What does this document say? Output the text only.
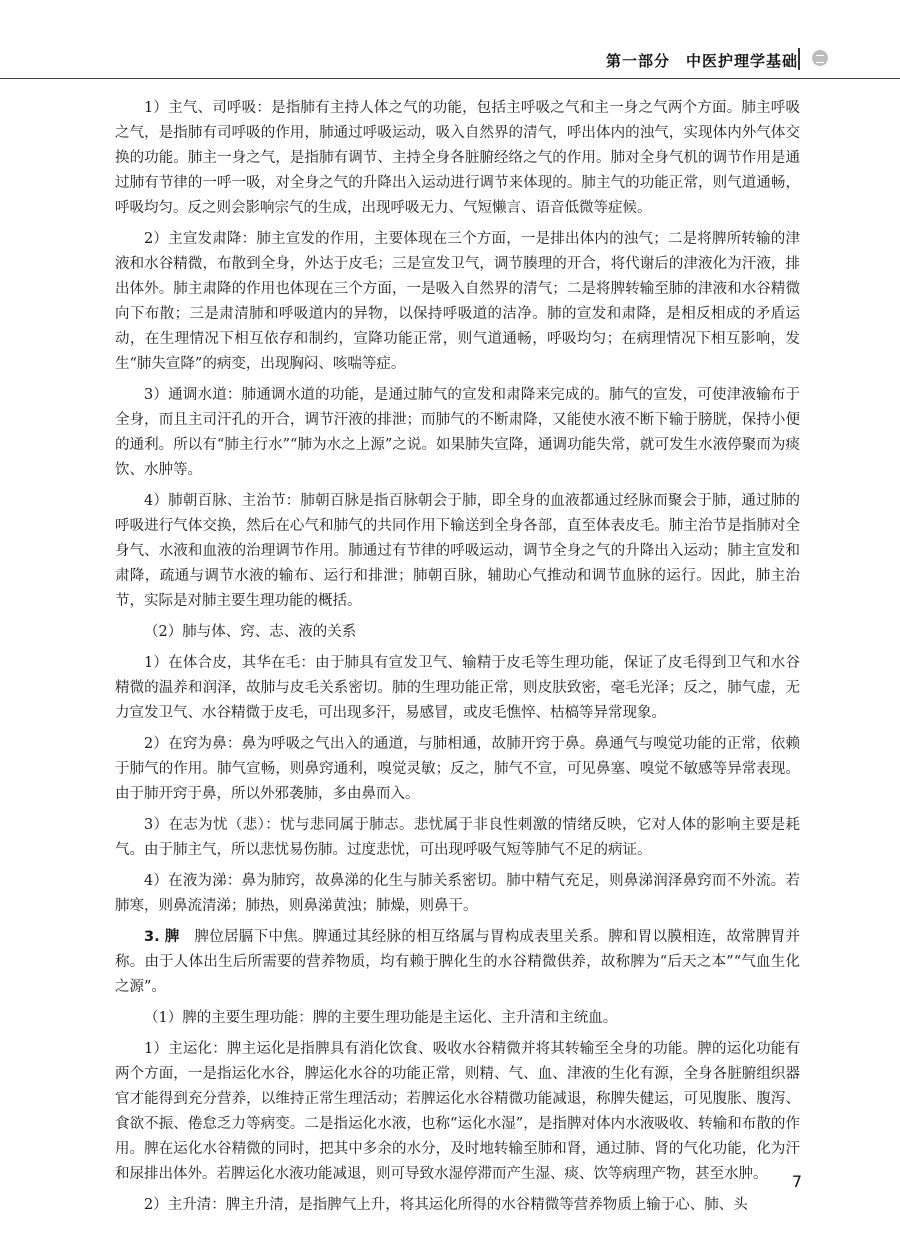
第一部分　中医护理学基础

1）主气、司呼吸：是指肺有主持人体之气的功能，包括主呼吸之气和主一身之气两个方面。肺主呼吸之气，是指肺有司呼吸的作用，肺通过呼吸运动，吸入自然界的清气，呼出体内的浊气，实现体内外气体交换的功能。肺主一身之气，是指肺有调节、主持全身各脏腑经络之气的作用。肺对全身气机的调节作用是通过肺有节律的一呼一吸，对全身之气的升降出入运动进行调节来体现的。肺主气的功能正常，则气道通畅，呼吸均匀。反之则会影响宗气的生成，出现呼吸无力、气短懒言、语音低微等症候。

2）主宣发肃降：肺主宣发的作用，主要体现在三个方面，一是排出体内的浊气；二是将脾所转输的津液和水谷精微，布散到全身，外达于皮毛；三是宣发卫气，调节腠理的开合，将代谢后的津液化为汗液，排出体外。肺主肃降的作用也体现在三个方面，一是吸入自然界的清气；二是将脾转输至肺的津液和水谷精微向下布散；三是肃清肺和呼吸道内的异物，以保持呼吸道的洁净。肺的宣发和肃降，是相反相成的矛盾运动，在生理情况下相互依存和制约，宣降功能正常，则气道通畅，呼吸均匀；在病理情况下相互影响，发生“肺失宣降”的病变，出现胸闷、咳喘等症。

3）通调水道：肺通调水道的功能，是通过肺气的宣发和肃降来完成的。肺气的宣发，可使津液输布于全身，而且主司汗孔的开合，调节汗液的排泄；而肺气的不断肃降，又能使水液不断下输于膀胱，保持小便的通利。所以有“肺主行水”“肺为水之上源”之说。如果肺失宣降，通调功能失常，就可发生水液停聚而为痰饮、水肿等。

4）肺朝百脉、主治节：肺朝百脉是指百脉朝会于肺，即全身的血液都通过经脉而聚会于肺，通过肺的呼吸进行气体交换，然后在心气和肺气的共同作用下输送到全身各部，直至体表皮毛。肺主治节是指肺对全身气、水液和血液的治理调节作用。肺通过有节律的呼吸运动，调节全身之气的升降出入运动；肺主宣发和肃降，疏通与调节水液的输布、运行和排泄；肺朝百脉，辅助心气推动和调节血脉的运行。因此，肺主治节，实际是对肺主要生理功能的概括。

（2）肺与体、窍、志、液的关系

1）在体合皮，其华在毛：由于肺具有宣发卫气、输精于皮毛等生理功能，保证了皮毛得到卫气和水谷精微的温养和润泽，故肺与皮毛关系密切。肺的生理功能正常，则皮肤致密，毫毛光泽；反之，肺气虚，无力宣发卫气、水谷精微于皮毛，可出现多汗，易感冒，或皮毛憔悴、枯槁等异常现象。

2）在窍为鼻：鼻为呼吸之气出入的通道，与肺相通，故肺开窍于鼻。鼻通气与嗅觉功能的正常，依赖于肺气的作用。肺气宣畅，则鼻窍通利，嗅觉灵敏；反之，肺气不宣，可见鼻塞、嗅觉不敏感等异常表现。由于肺开窍于鼻，所以外邪袭肺，多由鼻而入。

3）在志为忧（悲）：忧与悲同属于肺志。悲忧属于非良性刺激的情绪反映，它对人体的影响主要是耗气。由于肺主气，所以悲忧易伤肺。过度悲忧，可出现呼吸气短等肺气不足的病证。

4）在液为涕：鼻为肺窍，故鼻涕的化生与肺关系密切。肺中精气充足，则鼻涕润泽鼻窍而不外流。若肺寒，则鼻流清涕；肺热，则鼻涕黄浊；肺燥，则鼻干。

3. 脾　 脾位居膈下中焦。脾通过其经脉的相互络属与胃构成表里关系。脾和胃以膜相连，故常脾胃并称。由于人体出生后所需要的营养物质，均有赖于脾化生的水谷精微供养，故称脾为“后天之本”“气血生化之源”。

（1）脾的主要生理功能：脾的主要生理功能是主运化、主升清和主统血。

1）主运化：脾主运化是指脾具有消化饮食、吸收水谷精微并将其转输至全身的功能。脾的运化功能有两个方面，一是指运化水谷，脾运化水谷的功能正常，则精、气、血、津液的生化有源，全身各脏腑组织器官才能得到充分营养，以维持正常生理活动；若脾运化水谷精微功能减退，称脾失健运，可见腹胀、腹泻、食欲不振、倦怠乏力等病变。二是指运化水液，也称“运化水湿”，是指脾对体内水液吸收、转输和布散的作用。脾在运化水谷精微的同时，把其中多余的水分，及时地转输至肺和肾，通过肺、肾的气化功能，化为汗和尿排出体外。若脾运化水液功能减退，则可导致水湿停滞而产生湿、痰、饮等病理产物，甚至水肿。

2）主升清：脾主升清，是指脾气上升，将其运化所得的水谷精微等营养物质上输于心、肺、头

7
